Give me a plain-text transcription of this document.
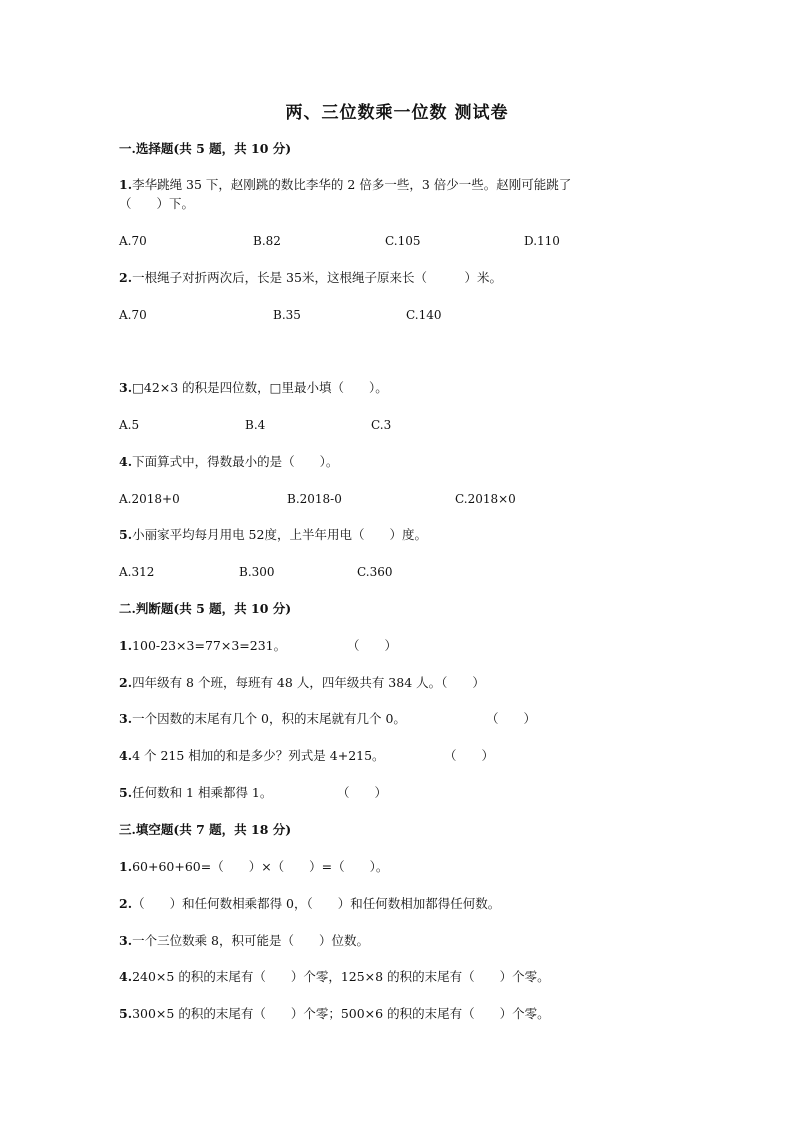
两、三位数乘一位数 测试卷
一.选择题(共 5 题，共 10 分)
1.李华跳绳 35 下，赵刚跳的数比李华的 2 倍多一些，3 倍少一些。赵刚可能跳了
（　　）下。
A.70	B.82	C.105	D.110
2.一根绳子对折两次后，长是 35米，这根绳子原来长（　　　）米。
A.70	B.35	C.140
3.□42×3 的积是四位数，□里最小填（　　）。
A.5	B.4	C.3
4.下面算式中，得数最小的是（　　）。
A.2018+0	B.2018-0	C.2018×0
5.小丽家平均每月用电 52度，上半年用电（　　）度。
A.312	B.300	C.360
二.判断题(共 5 题，共 10 分)
1.100-23×3=77×3=231。	（　　）
2.四年级有 8 个班，每班有 48 人，四年级共有 384 人。（　　）
3.一个因数的末尾有几个 0，积的末尾就有几个 0。	（　　）
4.4 个 215 相加的和是多少？列式是 4+215。	（　　）
5.任何数和 1 相乘都得 1。	（　　）
三.填空题(共 7 题，共 18 分)
1.60+60+60=（　　）×（　　）=（　　）。
2.（　　）和任何数相乘都得 0，（　　）和任何数相加都得任何数。
3.一个三位数乘 8，积可能是（　　）位数。
4.240×5 的积的末尾有（　　）个零，125×8 的积的末尾有（　　）个零。
5.300×5 的积的末尾有（　　）个零；500×6 的积的末尾有（　　）个零。
